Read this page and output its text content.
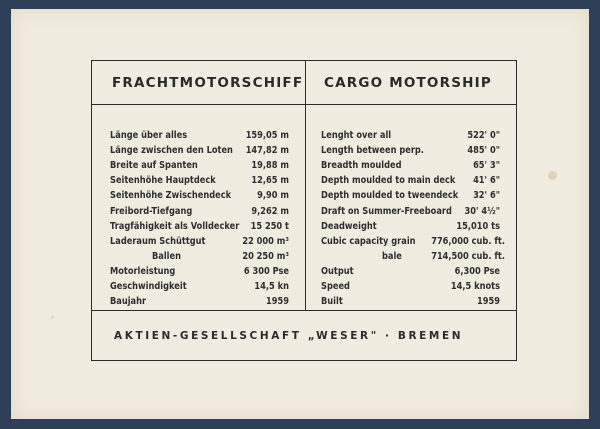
FRACHTMOTORSCHIFF CARGO MOTORSHIP
Länge über alles	159,05 m
Länge zwischen den Loten	147,82 m
Breite auf Spanten	19,88 m
Seitenhöhe Hauptdeck	12,65 m
Seitenhöhe Zwischendeck	9,90 m
Freibord-Tiefgang	9,262 m
Tragfähigkeit als Volldecker	15 250 t
Laderaum Schüttgut	22 000 m³
Ballen	20 250 m³
Motorleistung	6 300 Pse
Geschwindigkeit	14,5 kn
Baujahr	1959
Lenght over all	522' 0"
Length between perp.	485' 0"
Breadth moulded	65' 3"
Depth moulded to main deck	41' 6"
Depth moulded to tweendeck	32' 6"
Draft on Summer-Freeboard	30' 4½"
Deadweight	15,010 ts
Cubic capacity grain 776,000 cub. ft.
bale	714,500 cub. ft.
Output	6,300 Pse
Speed	14,5 knots
Built	1959
AKTIEN-GESELLSCHAFT „WESER" · BREMEN
